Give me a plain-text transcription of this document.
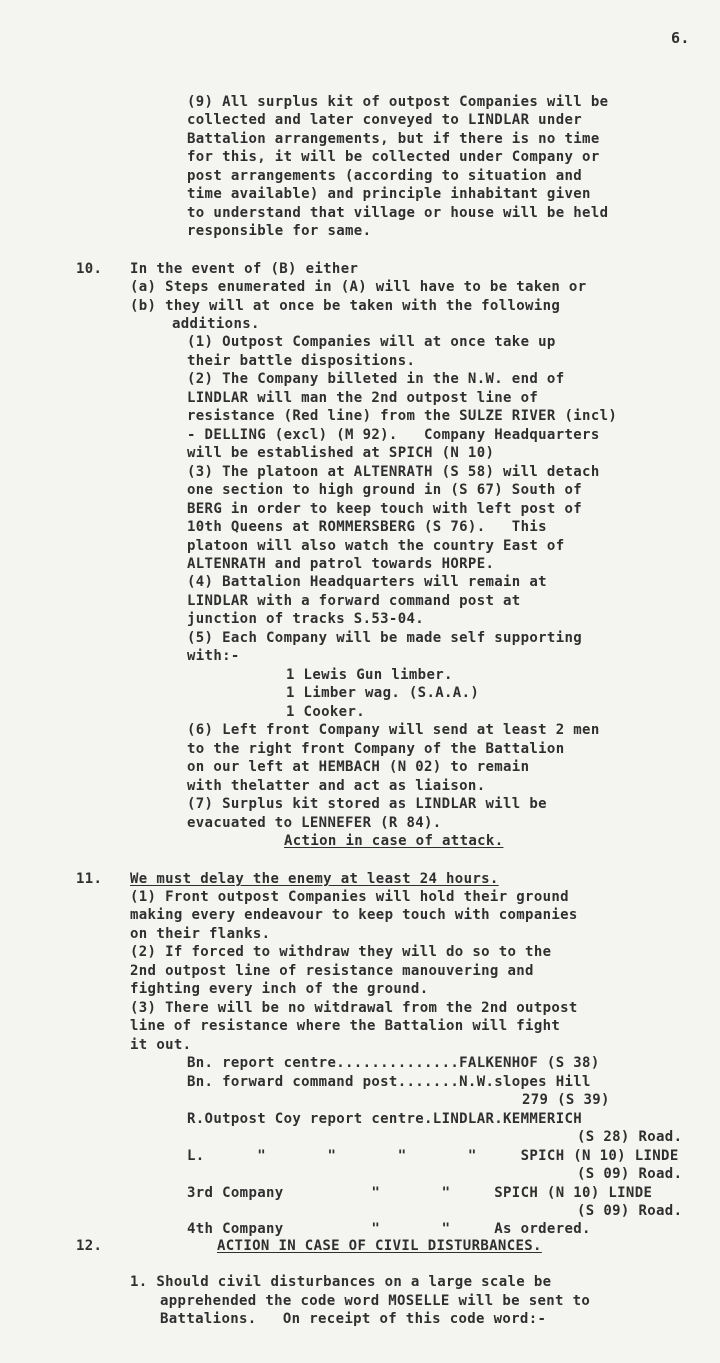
6.
(9) All surplus kit of outpost Companies will be
collected and later conveyed to LINDLAR under
Battalion arrangements, but if there is no time
for this, it will be collected under Company or
post arrangements (according to situation and
time available) and principle inhabitant given
to understand that village or house will be held
responsible for same.
10. In the event of (B) either
(a) Steps enumerated in (A) will have to be taken or
(b) they will at once be taken with the following
additions.
(1) Outpost Companies will at once take up
their battle dispositions.
(2) The Company billeted in the N.W. end of
LINDLAR will man the 2nd outpost line of
resistance (Red line) from the SULZE RIVER (incl)
- DELLING (excl) (M 92).   Company Headquarters
will be established at SPICH (N 10)
(3) The platoon at ALTENRATH (S 58) will detach
one section to high ground in (S 67) South of
BERG in order to keep touch with left post of
10th Queens at ROMMERSBERG (S 76).   This
platoon will also watch the country East of
ALTENRATH and patrol towards HORPE.
(4) Battalion Headquarters will remain at
LINDLAR with a forward command post at
junction of tracks S.53-04.
(5) Each Company will be made self supporting
with:-
1 Lewis Gun limber.
1 Limber wag. (S.A.A.)
1 Cooker.
(6) Left front Company will send at least 2 men
to the right front Company of the Battalion
on our left at HEMBACH (N 02) to remain
with thelatter and act as liaison.
(7) Surplus kit stored as LINDLAR will be
evacuated to LENNEFER (R 84).
Action in case of attack.
11. We must delay the enemy at least 24 hours.
(1) Front outpost Companies will hold their ground
making every endeavour to keep touch with companies
on their flanks.
(2) If forced to withdraw they will do so to the
2nd outpost line of resistance manouvering and
fighting every inch of the ground.
(3) There will be no witdrawal from the 2nd outpost
line of resistance where the Battalion will fight
it out.
Bn. report centre..............FALKENHOF (S 38)
Bn. forward command post.......N.W.slopes Hill
279 (S 39)
R.Outpost Coy report centre.LINDLAR.KEMMERICH
(S 28) Road.
L.      "       "       "       "     SPICH (N 10) LINDE
(S 09) Road.
3rd Company          "       "     SPICH (N 10) LINDE
(S 09) Road.
4th Company          "       "     As ordered.
12.	ACTION IN CASE OF CIVIL DISTURBANCES.
1. Should civil disturbances on a large scale be
apprehended the code word MOSELLE will be sent to
Battalions.   On receipt of this code word:-
